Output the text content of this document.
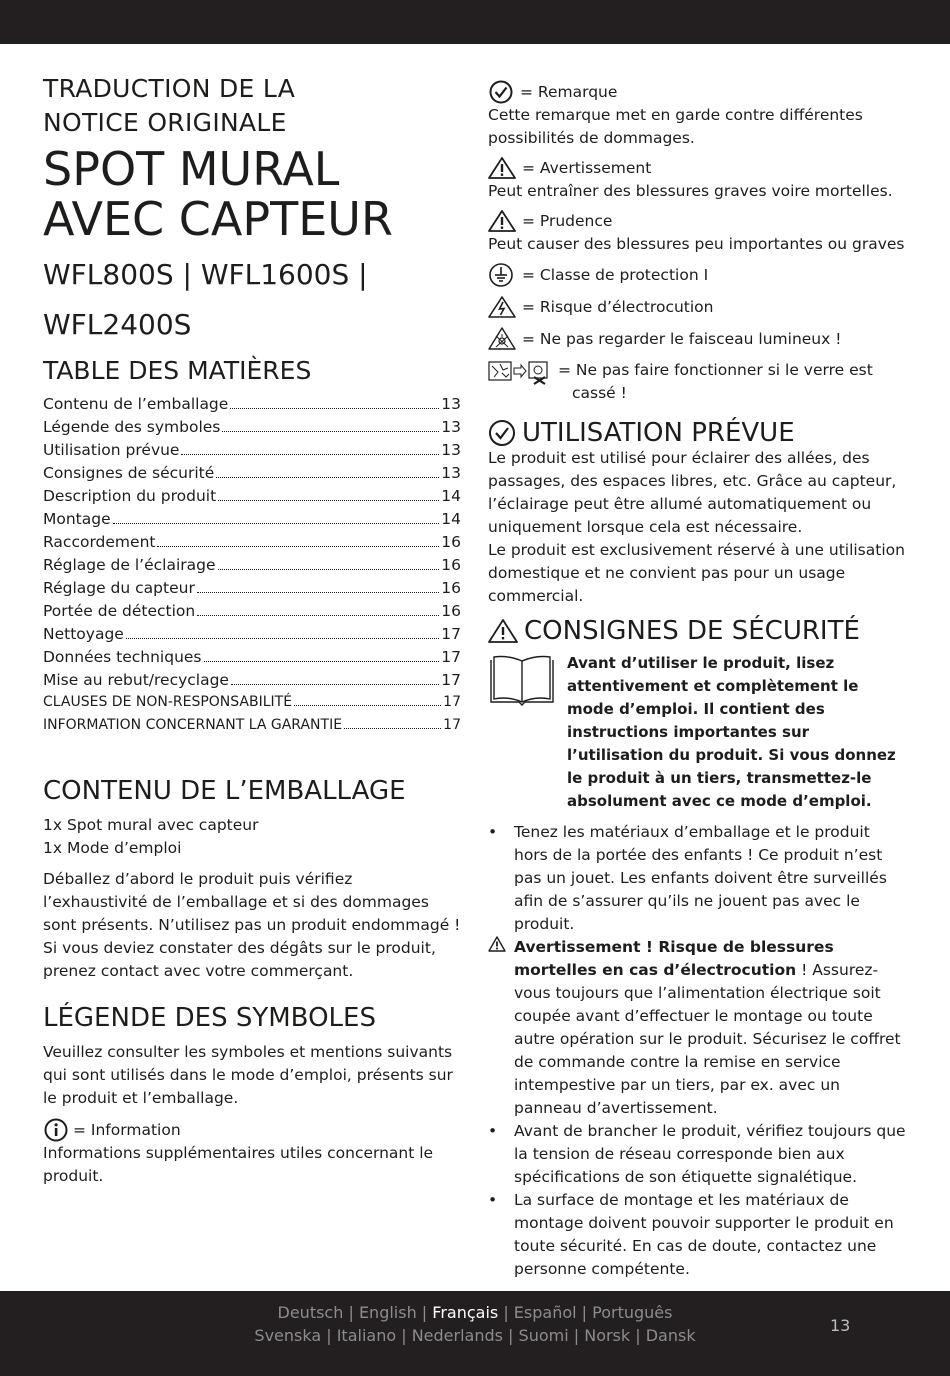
TRADUCTION DE LA NOTICE ORIGINALE

SPOT MURAL
AVEC CAPTEUR
WFL800S | WFL1600S |
WFL2400S
TABLE DES MATIÈRES
Contenu de l’emballage	13
Légende des symboles	13
Utilisation prévue	13
Consignes de sécurité	13
Description du produit	14
Montage	14
Raccordement	16
Réglage de l’éclairage	16
Réglage du capteur	16
Portée de détection	16
Nettoyage	17
Données techniques	17
Mise au rebut/recyclage	17
CLAUSES DE NON-RESPONSABILITÉ	17
INFORMATION CONCERNANT LA GARANTIE	17
CONTENU DE L’EMBALLAGE
1x Spot mural avec capteur
1x Mode d’emploi

Déballez d’abord le produit puis vérifiez l’exhaustivité de l’emballage et si des dommages sont présents. N’utilisez pas un produit endommagé ! Si vous deviez constater des dégâts sur le produit, prenez contact avec votre commerçant.

LÉGENDE DES SYMBOLES

Veuillez consulter les symboles et mentions suivants qui sont utilisés dans le mode d’emploi, présents sur le produit et l’emballage.

= Information

Informations supplémentaires utiles concernant le produit.

= Remarque

Cette remarque met en garde contre différentes possibilités de dommages.

= Avertissement

Peut entraîner des blessures graves voire mortelles.

= Prudence

Peut causer des blessures peu importantes ou graves

= Classe de protection I
= Risque d’électrocution
= Ne pas regarder le faisceau lumineux !
= Ne pas faire fonctionner si le verre est
cassé !
UTILISATION PRÉVUE

Le produit est utilisé pour éclairer des allées, des passages, des espaces libres, etc. Grâce au capteur, l’éclairage peut être allumé automatiquement ou uniquement lorsque cela est nécessaire.

Le produit est exclusivement réservé à une utilisation domestique et ne convient pas pour un usage commercial.

CONSIGNES DE SÉCURITÉ

Avant d’utiliser le produit, lisez attentivement et complètement le mode d’emploi. Il contient des instructions importantes sur l’utilisation du produit. Si vous donnez le produit à un tiers, transmettez-le absolument avec ce mode d’emploi.

•	Tenez les matériaux d’emballage et le produit hors de la portée des enfants ! Ce produit n’est pas un jouet. Les enfants doivent être surveillés afin de s’assurer qu’ils ne jouent pas avec le produit.
Avertissement ! Risque de blessures mortelles en cas d’électrocution ! Assurez-vous toujours que l’alimentation électrique soit coupée avant d’effectuer le montage ou toute autre opération sur le produit. Sécurisez le coffret de commande contre la remise en service intempestive par un tiers, par ex. avec un panneau d’avertissement.
•	Avant de brancher le produit, vérifiez toujours que la tension de réseau corresponde bien aux spécifications de son étiquette signalétique.
•	La surface de montage et les matériaux de montage doivent pouvoir supporter le produit en toute sécurité. En cas de doute, contactez une personne compétente.
Deutsch | English | Français | Español | Português
Svenska | Italiano | Nederlands | Suomi | Norsk | Dansk
13
